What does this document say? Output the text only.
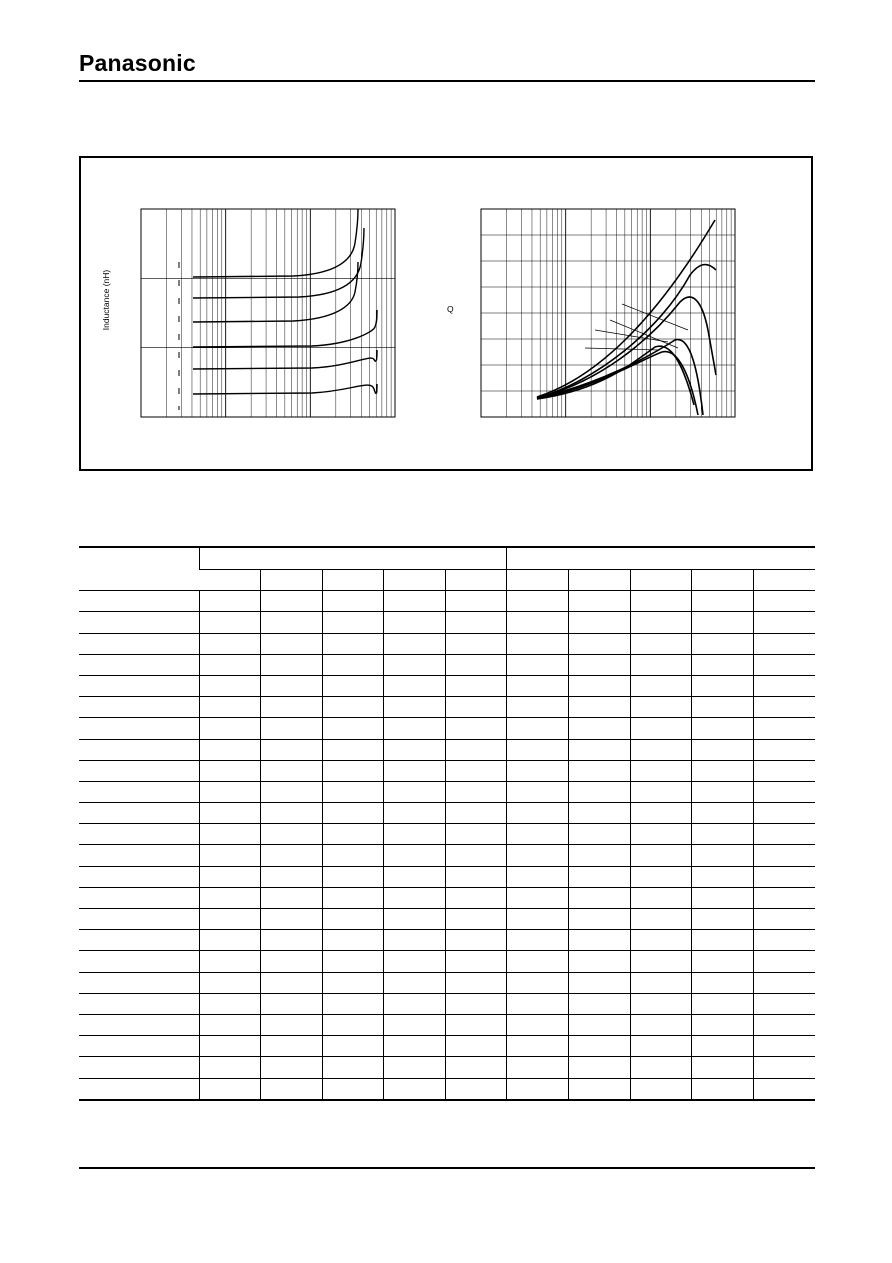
Panasonic
Inductance (nH)	Q
